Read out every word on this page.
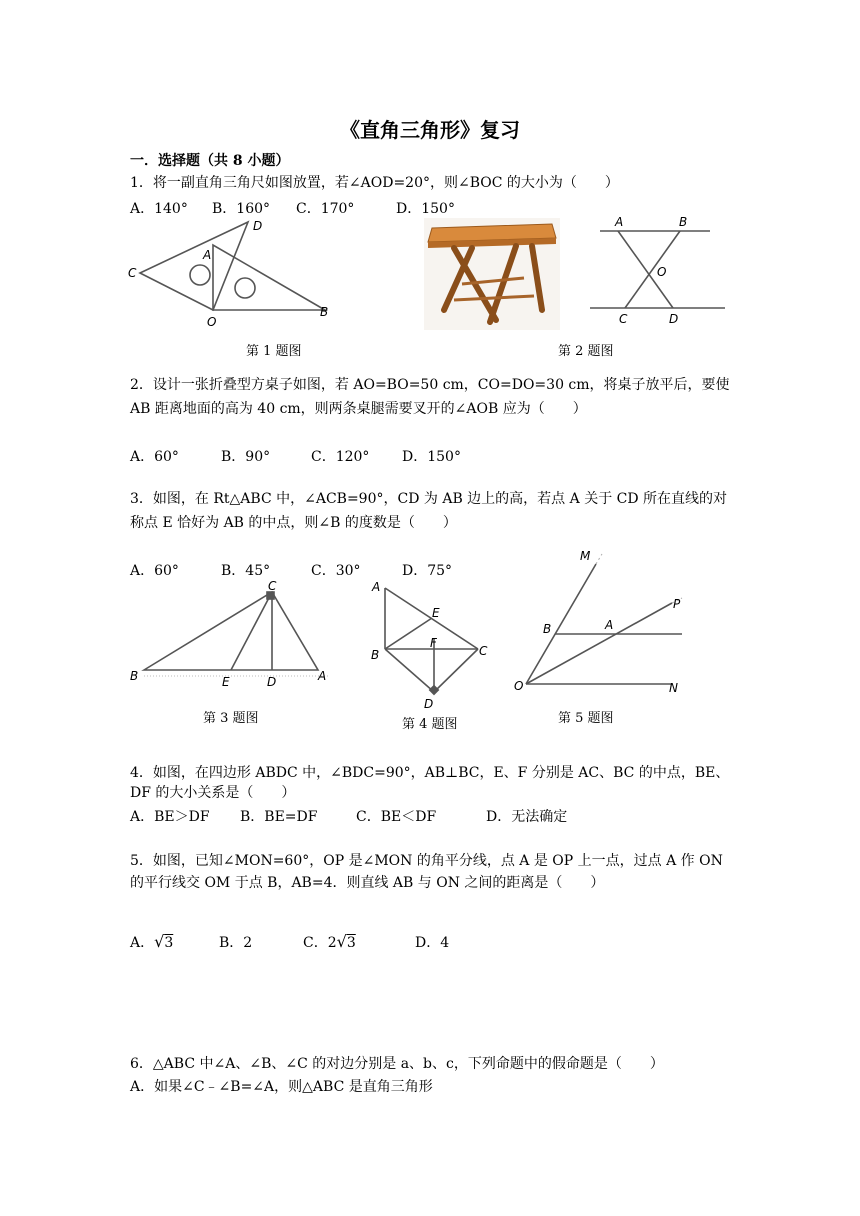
《直角三角形》复习
一．选择题（共 8 小题）
1．将一副直角三角尺如图放置，若∠AOD=20°，则∠BOC 的大小为（　　）
A．140° B．160° C．170°	D．150°
C
A
D
O
B
A	B
O
C	D
第 1 题图	第 2 题图
2．设计一张折叠型方桌子如图，若 AO=BO=50 cm，CO=DO=30 cm，将桌子放平后，要使
AB 距离地面的高为 40 cm，则两条桌腿需要叉开的∠AOB 应为（　　）
A．60°	B．90°	C．120° D．150°
3．如图，在 Rt△ABC 中，∠ACB=90°，CD 为 AB 边上的高，若点 A 关于 CD 所在直线的对
称点 E 恰好为 AB 的中点，则∠B 的度数是（　　）
A．60°	B．45°	C．30°	D．75°
C
B	E	D	A
A
E
F
B	C
D
M
P
B	A
O	N
第 3 题图	第 4 题图	第 5 题图
4．如图，在四边形 ABDC 中，∠BDC=90°，AB⊥BC，E、F 分别是 AC、BC 的中点，BE、
DF 的大小关系是（　　）
A．BE＞DF B．BE=DF	C．BE＜DF	D．无法确定
5．如图，已知∠MON=60°，OP 是∠MON 的角平分线，点 A 是 OP 上一点，过点 A 作 ON
的平行线交 OM 于点 B，AB=4．则直线 AB 与 ON 之间的距离是（　　）
A．√3	B．2	C．2√3	D．4
6．△ABC 中∠A、∠B、∠C 的对边分别是 a、b、c，下列命题中的假命题是（　　）
A．如果∠C﹣∠B=∠A，则△ABC 是直角三角形
